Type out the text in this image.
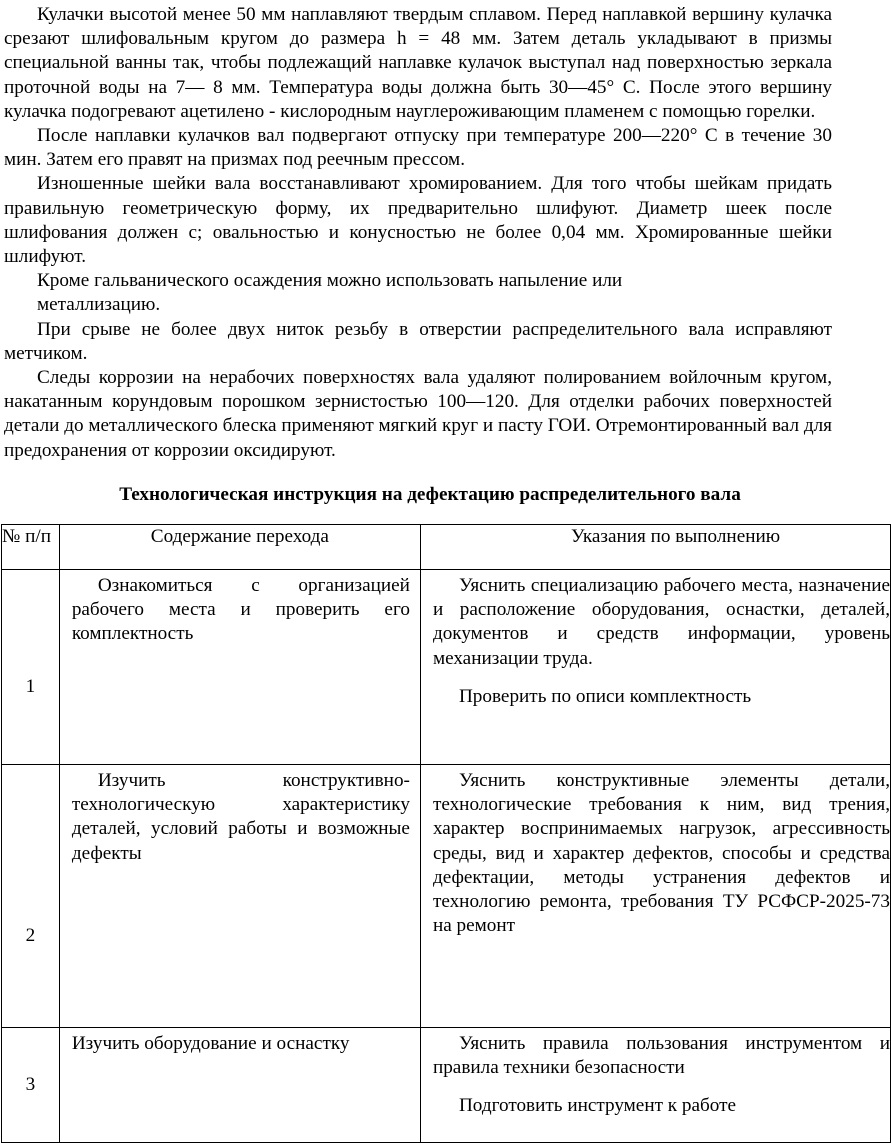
Кулачки высотой менее 50 мм наплавляют твердым сплавом. Перед наплавкой вершину кулачка срезают шлифовальным кругом до размера h = 48 мм. Затем деталь укладывают в призмы специальной ванны так, чтобы подлежащий наплавке кулачок выступал над поверхностью зеркала проточной воды на 7— 8 мм. Температура воды должна быть 30—45° С. После этого вершину кулачка подогревают ацетилено - кислородным науглероживающим пламенем с помощью горелки.

После наплавки кулачков вал подвергают отпуску при температуре 200—220° С в течение 30 мин. Затем его правят на призмах под реечным прессом.

Изношенные шейки вала восстанавливают хромированием. Для того чтобы шейкам придать правильную геометрическую форму, их предварительно шлифуют. Диаметр шеек после шлифования должен с; овальностью и конусностью не более 0,04 мм. Хромированные шейки шлифуют.

Кроме гальванического осаждения можно использовать напыление или металлизацию.

При срыве не более двух ниток резьбу в отверстии распределительного вала исправляют метчиком.

Следы коррозии на нерабочих поверхностях вала удаляют полированием войлочным кругом, накатанным корундовым порошком зернистостью 100—120. Для отделки рабочих поверхностей детали до металлического блеска применяют мягкий круг и пасту ГОИ. Отремонтированный вал для предохранения от коррозии оксидируют.

Технологическая инструкция на дефектацию распределительного вала
№ п/п	Содержание перехода	Указания по выполнению
1	Ознакомиться с организацией рабочего места и проверить его комплектность	Уяснить специализацию рабочего места, назначение и расположение оборудования, оснастки, деталей, документов и средств информации, уровень механизации труда.

Проверить по описи комплектность

2	Изучить конструктивно-технологическую характеристику деталей, условий работы и возможные дефекты	Уяснить конструктивные элементы детали, технологические требования к ним, вид трения, характер воспринимаемых нагрузок, агрессивность среды, вид и характер дефектов, способы и средства дефектации, методы устранения дефектов и технологию ремонта, требования ТУ РСФСР-2025-73 на ремонт

3	Изучить оборудование и оснастку	Уяснить правила пользования инструментом и правила техники безопасности

Подготовить инструмент к работе
